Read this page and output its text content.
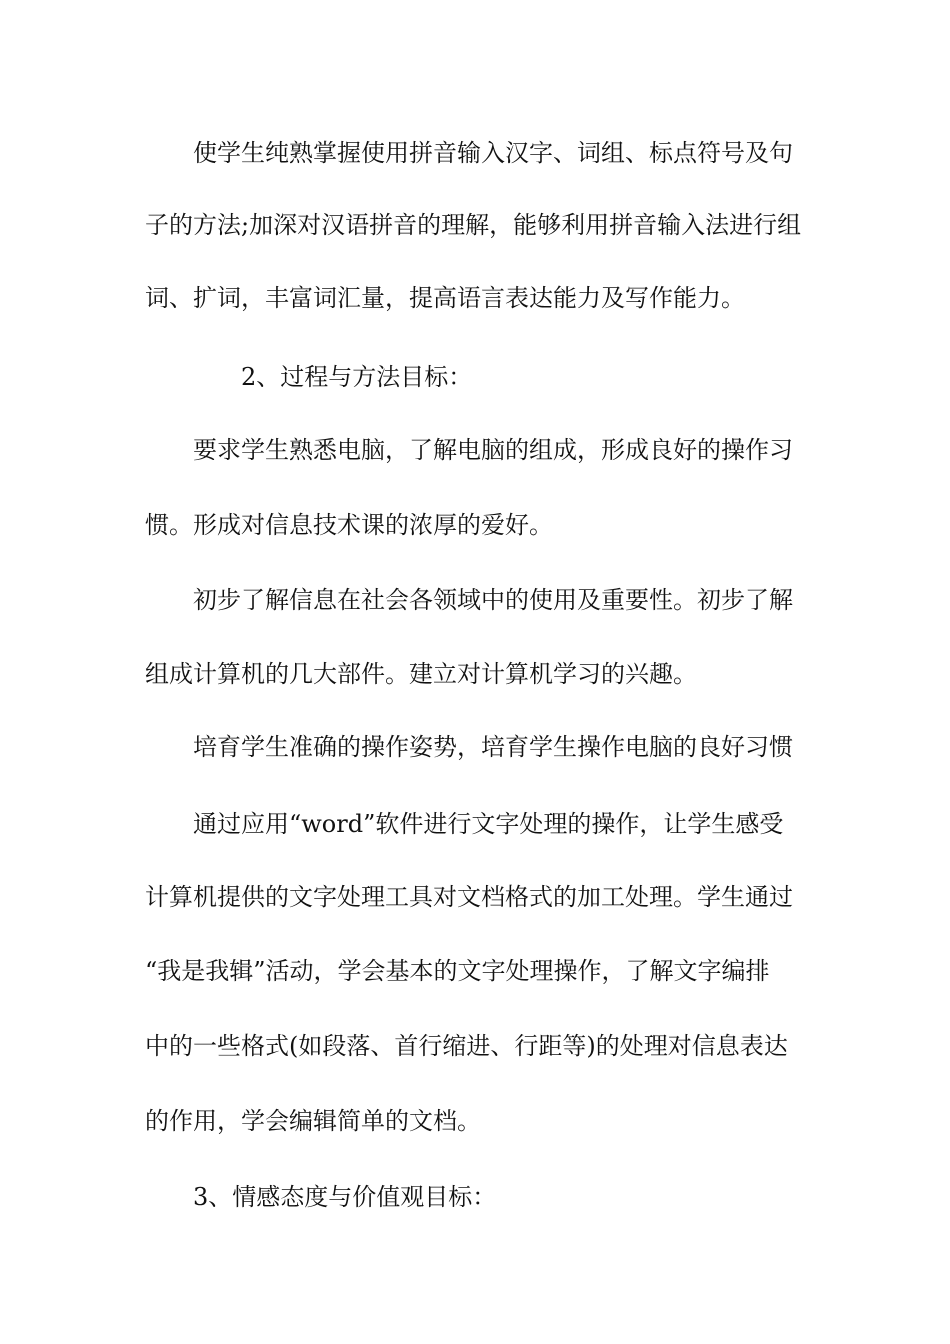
使学生纯熟掌握使用拼音输入汉字、词组、标点符号及句
子的方法;加深对汉语拼音的理解，能够利用拼音输入法进行组
词、扩词，丰富词汇量，提高语言表达能力及写作能力。
2、过程与方法目标：
要求学生熟悉电脑，了解电脑的组成，形成良好的操作习
惯。形成对信息技术课的浓厚的爱好。
初步了解信息在社会各领域中的使用及重要性。初步了解
组成计算机的几大部件。建立对计算机学习的兴趣。
培育学生准确的操作姿势，培育学生操作电脑的良好习惯
通过应用“word”软件进行文字处理的操作，让学生感受
计算机提供的文字处理工具对文档格式的加工处理。学生通过
“我是我辑”活动，学会基本的文字处理操作，了解文字编排
中的一些格式(如段落、首行缩进、行距等)的处理对信息表达
的作用，学会编辑简单的文档。
3、情感态度与价值观目标：
